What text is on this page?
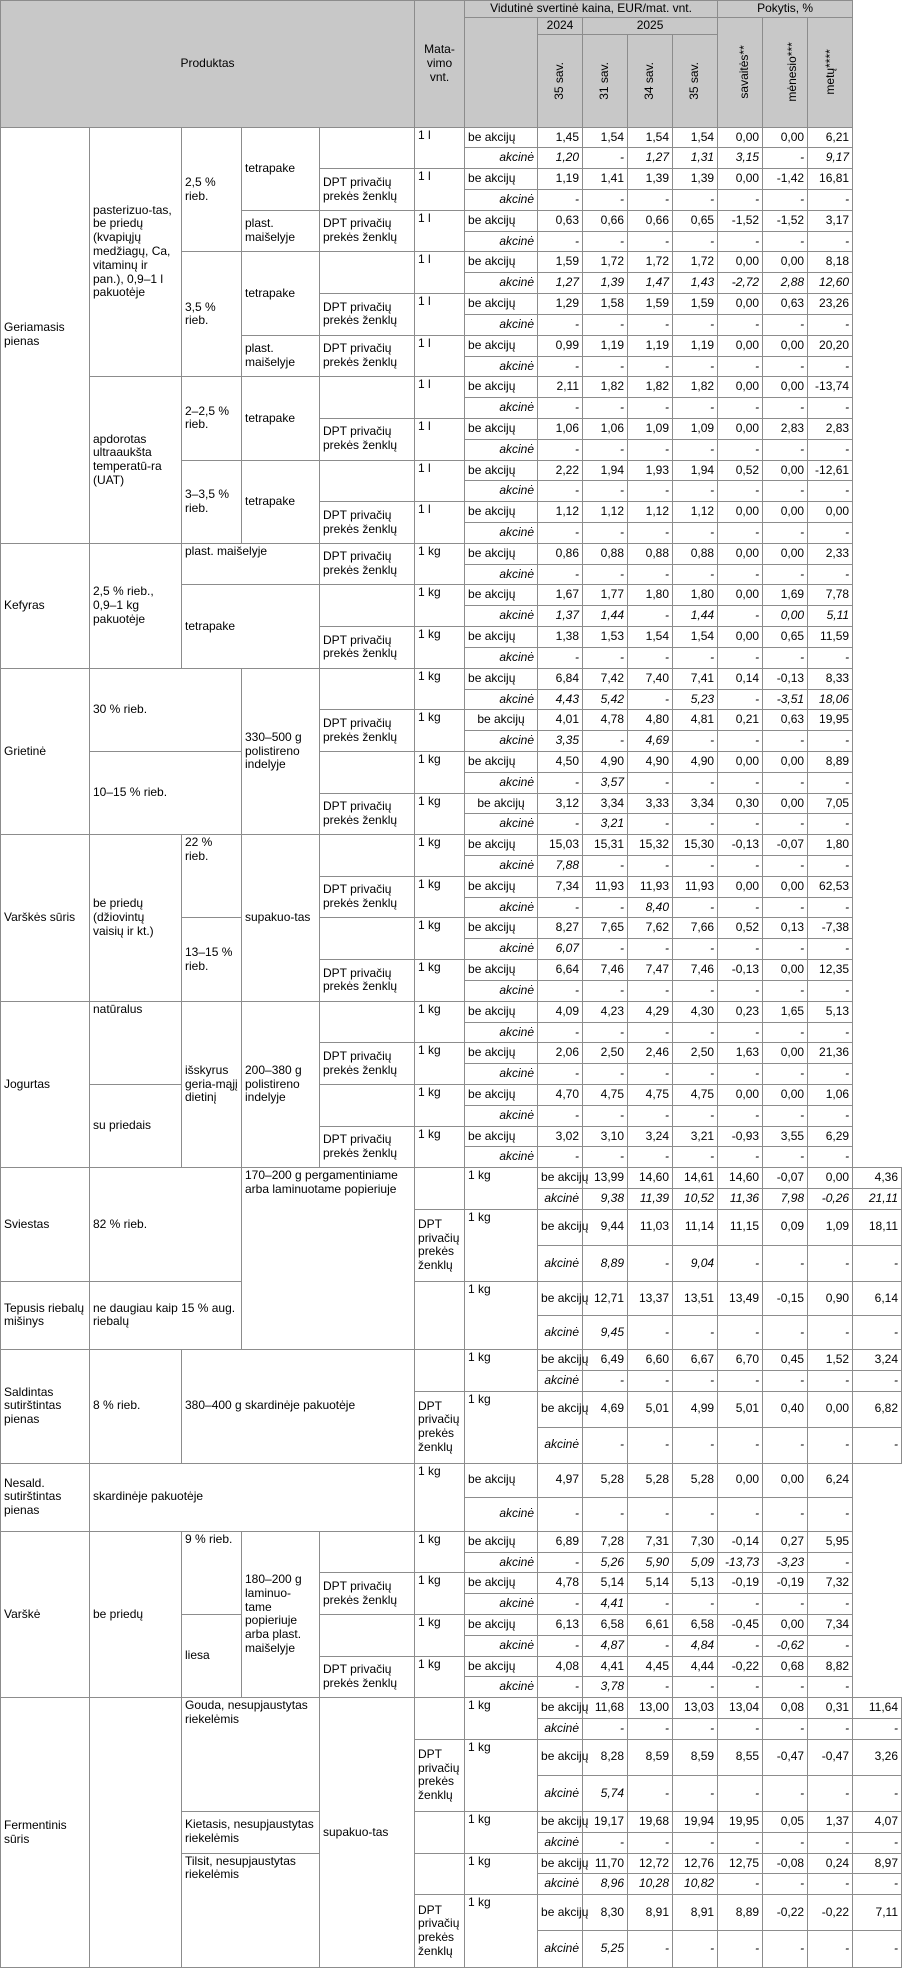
Produktas					Mata-
vimo
vnt.	Vidutinė svertinė kaina, EUR/mat. vnt.					Pokytis, %			
							2024	2025			savaitės**	mėnesio***	metų****	
							35 sav.	31 sav.	34 sav.	35 sav.				
Geriamasis pienas	pasterizuo-tas, be priedų (kvapiųjų medžiagų, Ca, vitaminų ir pan.), 0,9–1 l pakuotėje	2,5 % rieb.	tetrapake		1 l	be akcijų	1,45	1,54	1,54	1,54	0,00	0,00	6,21	
						akcinė	1,20	-	1,27	1,31	3,15	-	9,17	
				DPT privačių prekės ženklų	1 l	be akcijų	1,19	1,41	1,39	1,39	0,00	-1,42	16,81	
						akcinė	-	-	-	-	-	-	-	
			plast. maišelyje	DPT privačių prekės ženklų	1 l	be akcijų	0,63	0,66	0,66	0,65	-1,52	-1,52	3,17	
						akcinė	-	-	-	-	-	-	-	
		3,5 % rieb.	tetrapake		1 l	be akcijų	1,59	1,72	1,72	1,72	0,00	0,00	8,18	
						akcinė	1,27	1,39	1,47	1,43	-2,72	2,88	12,60	
				DPT privačių prekės ženklų	1 l	be akcijų	1,29	1,58	1,59	1,59	0,00	0,63	23,26	
						akcinė	-	-	-	-	-	-	-	
			plast. maišelyje	DPT privačių prekės ženklų	1 l	be akcijų	0,99	1,19	1,19	1,19	0,00	0,00	20,20	
						akcinė	-	-	-	-	-	-	-	
	apdorotas ultraaukšta temperatū-ra (UAT)	2–2,5 % rieb.	tetrapake		1 l	be akcijų	2,11	1,82	1,82	1,82	0,00	0,00	-13,74	
						akcinė	-	-	-	-	-	-	-	
				DPT privačių prekės ženklų	1 l	be akcijų	1,06	1,06	1,09	1,09	0,00	2,83	2,83	
						akcinė	-	-	-	-	-	-	-	
		3–3,5 % rieb.	tetrapake		1 l	be akcijų	2,22	1,94	1,93	1,94	0,52	0,00	-12,61	
						akcinė	-	-	-	-	-	-	-	
				DPT privačių prekės ženklų	1 l	be akcijų	1,12	1,12	1,12	1,12	0,00	0,00	0,00	
						akcinė	-	-	-	-	-	-	-	
Kefyras	2,5 % rieb., 0,9–1 kg pakuotėje	plast. maišelyje		DPT privačių prekės ženklų	1 kg	be akcijų	0,86	0,88	0,88	0,88	0,00	0,00	2,33	
						akcinė	-	-	-	-	-	-	-	
		tetrapake			1 kg	be akcijų	1,67	1,77	1,80	1,80	0,00	1,69	7,78	
						akcinė	1,37	1,44	-	1,44	-	0,00	5,11	
				DPT privačių prekės ženklų	1 kg	be akcijų	1,38	1,53	1,54	1,54	0,00	0,65	11,59	
						akcinė	-	-	-	-	-	-	-	
Grietinė	30 % rieb.		330–500 g polistireno indelyje		1 kg	be akcijų	6,84	7,42	7,40	7,41	0,14	-0,13	8,33	
						akcinė	4,43	5,42	-	5,23	-	-3,51	18,06	
				DPT privačių prekės ženklų	1 kg	be akcijų	4,01	4,78	4,80	4,81	0,21	0,63	19,95	
						akcinė	3,35	-	4,69	-	-	-	-	
	10–15 % rieb.				1 kg	be akcijų	4,50	4,90	4,90	4,90	0,00	0,00	8,89	
						akcinė	-	3,57	-	-	-	-	-	
				DPT privačių prekės ženklų	1 kg	be akcijų	3,12	3,34	3,33	3,34	0,30	0,00	7,05	
						akcinė	-	3,21	-	-	-	-	-	
Varškės sūris	be priedų (džiovintų vaisių ir kt.)	22 % rieb.	supakuo-tas		1 kg	be akcijų	15,03	15,31	15,32	15,30	-0,13	-0,07	1,80	
						akcinė	7,88	-	-	-	-	-	-	
				DPT privačių prekės ženklų	1 kg	be akcijų	7,34	11,93	11,93	11,93	0,00	0,00	62,53	
						akcinė	-	-	8,40	-	-	-	-	
		13–15 % rieb.			1 kg	be akcijų	8,27	7,65	7,62	7,66	0,52	0,13	-7,38	
						akcinė	6,07	-	-	-	-	-	-	
				DPT privačių prekės ženklų	1 kg	be akcijų	6,64	7,46	7,47	7,46	-0,13	0,00	12,35	
						akcinė	-	-	-	-	-	-	-	
Jogurtas	natūralus	išskyrus geria-mąjį dietinį	200–380 g polistireno indelyje		1 kg	be akcijų	4,09	4,23	4,29	4,30	0,23	1,65	5,13	
						akcinė	-	-	-	-	-	-	-	
				DPT privačių prekės ženklų	1 kg	be akcijų	2,06	2,50	2,46	2,50	1,63	0,00	21,36	
						akcinė	-	-	-	-	-	-	-	
	su priedais				1 kg	be akcijų	4,70	4,75	4,75	4,75	0,00	0,00	1,06	
						akcinė	-	-	-	-	-	-	-	
				DPT privačių prekės ženklų	1 kg	be akcijų	3,02	3,10	3,24	3,21	-0,93	3,55	6,29	
						akcinė	-	-	-	-	-	-	-	
Sviestas	82 % rieb.		170–200 g pergamentiniame arba laminuotame popieriuje			1 kg	be akcijų	13,99	14,60	14,61	14,60	-0,07	0,00	4,36
							akcinė	9,38	11,39	10,52	11,36	7,98	-0,26	21,11
					DPT privačių prekės ženklų	1 kg	be akcijų	9,44	11,03	11,14	11,15	0,09	1,09	18,11
							akcinė	8,89	-	9,04	-	-	-	-
Tepusis riebalų mišinys	ne daugiau kaip 15 % aug. riebalų					1 kg	be akcijų	12,71	13,37	13,51	13,49	-0,15	0,90	6,14
							akcinė	9,45	-	-	-	-	-	-
Saldintas sutirštintas pienas	8 % rieb.	380–400 g skardinėje pakuotėje				1 kg	be akcijų	6,49	6,60	6,67	6,70	0,45	1,52	3,24
							akcinė	-	-	-	-	-	-	-
					DPT privačių prekės ženklų	1 kg	be akcijų	4,69	5,01	4,99	5,01	0,40	0,00	6,82
							akcinė	-	-	-	-	-	-	-
Nesald. sutirštintas pienas	skardinėje pakuotėje				1 kg	be akcijų	4,97	5,28	5,28	5,28	0,00	0,00	6,24	
						akcinė	-	-	-	-	-	-	-	
Varškė	be priedų	9 % rieb.	180–200 g laminuo-tame popieriuje arba plast. maišelyje		1 kg	be akcijų	6,89	7,28	7,31	7,30	-0,14	0,27	5,95	
						akcinė	-	5,26	5,90	5,09	-13,73	-3,23	-	
				DPT privačių prekės ženklų	1 kg	be akcijų	4,78	5,14	5,14	5,13	-0,19	-0,19	7,32	
						akcinė	-	4,41	-	-	-	-	-	
		liesa			1 kg	be akcijų	6,13	6,58	6,61	6,58	-0,45	0,00	7,34	
						akcinė	-	4,87	-	4,84	-	-0,62	-	
				DPT privačių prekės ženklų	1 kg	be akcijų	4,08	4,41	4,45	4,44	-0,22	0,68	8,82	
						akcinė	-	3,78	-	-	-	-	-	
Fermentinis sūris		Gouda, nesupjaustytas riekelėmis		supakuo-tas		1 kg	be akcijų	11,68	13,00	13,03	13,04	0,08	0,31	11,64
							akcinė	-	-	-	-	-	-	-
					DPT privačių prekės ženklų	1 kg	be akcijų	8,28	8,59	8,59	8,55	-0,47	-0,47	3,26
							akcinė	5,74	-	-	-	-	-	-
		Kietasis, nesupjaustytas riekelėmis				1 kg	be akcijų	19,17	19,68	19,94	19,95	0,05	1,37	4,07
							akcinė	-	-	-	-	-	-	-
		Tilsit, nesupjaustytas riekelėmis				1 kg	be akcijų	11,70	12,72	12,76	12,75	-0,08	0,24	8,97
							akcinė	8,96	10,28	10,82	-	-	-	-
					DPT privačių prekės ženklų	1 kg	be akcijų	8,30	8,91	8,91	8,89	-0,22	-0,22	7,11
							akcinė	5,25	-	-	-	-	-	-
